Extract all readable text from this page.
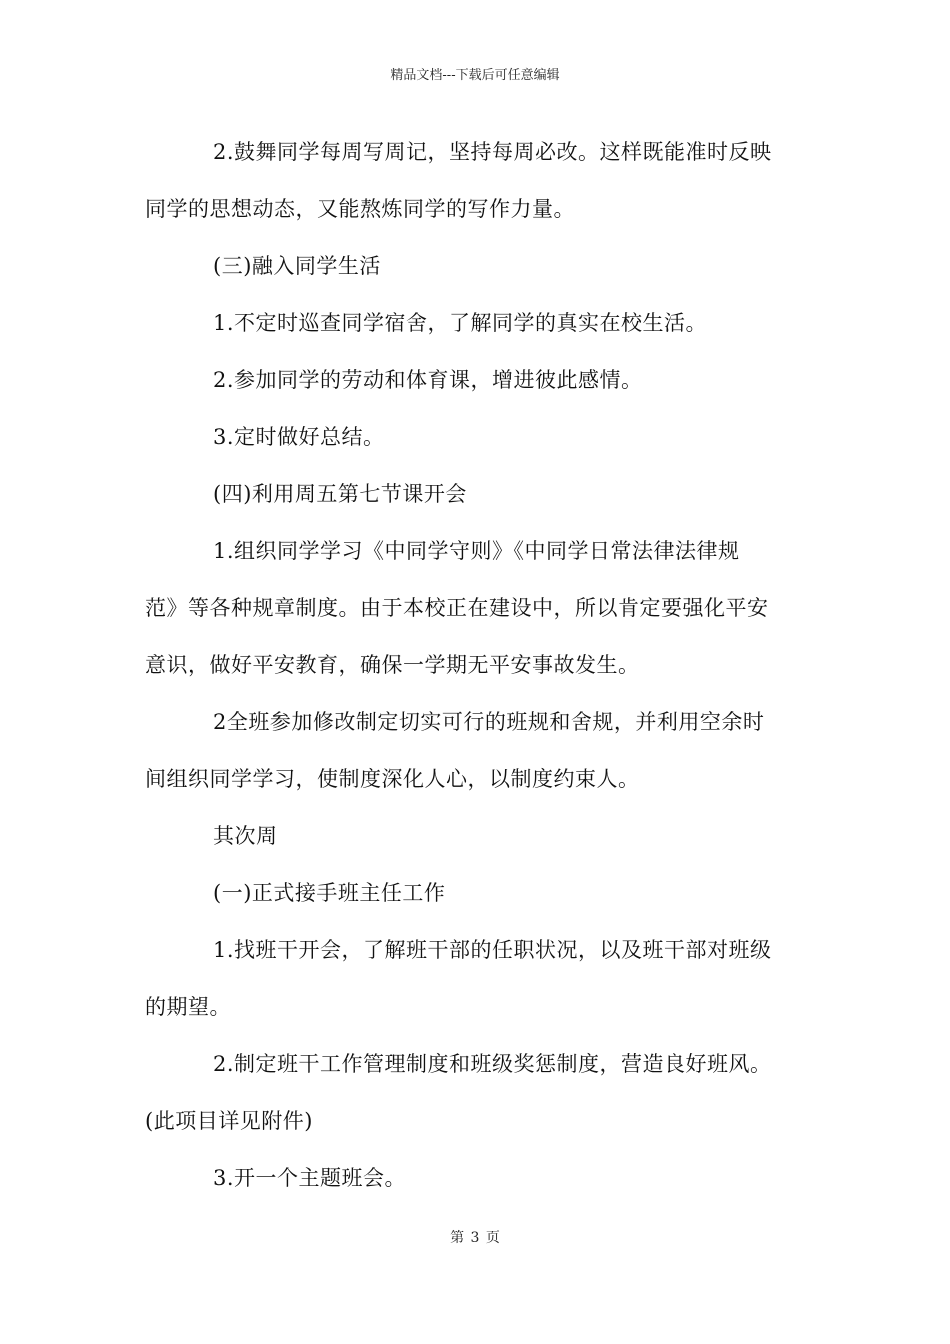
精品文档---下载后可任意编辑
2.鼓舞同学每周写周记，坚持每周必改。这样既能准时反映
同学的思想动态，又能熬炼同学的写作力量。
(三)融入同学生活
1.不定时巡查同学宿舍，了解同学的真实在校生活。
2.参加同学的劳动和体育课，增进彼此感情。
3.定时做好总结。
(四)利用周五第七节课开会
1.组织同学学习《中同学守则》《中同学日常法律法律规
范》等各种规章制度。由于本校正在建设中，所以肯定要强化平安
意识，做好平安教育，确保一学期无平安事故发生。
2全班参加修改制定切实可行的班规和舍规，并利用空余时
间组织同学学习，使制度深化人心，以制度约束人。
其次周
(一)正式接手班主任工作
1.找班干开会，了解班干部的任职状况，以及班干部对班级
的期望。
2.制定班干工作管理制度和班级奖惩制度，营造良好班风。
(此项目详见附件)
3.开一个主题班会。
第 3 页
